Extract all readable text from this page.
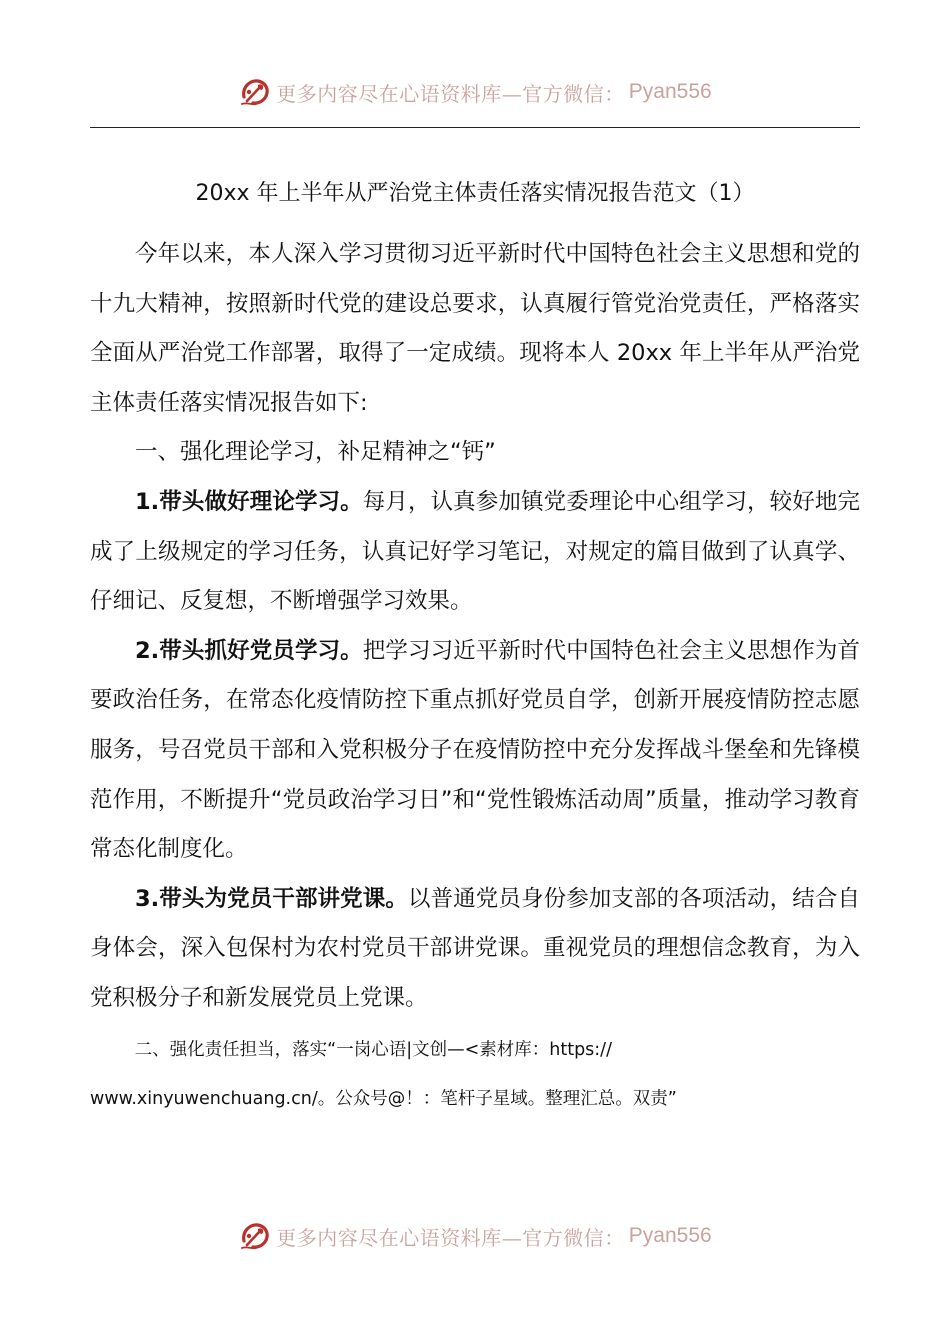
更多内容尽在心语资料库—官方微信： Pyan556
20xx 年上半年从严治党主体责任落实情况报告范文（1）

今年以来，本人深入学习贯彻习近平新时代中国特色社会主义思想和党的十九大精神，按照新时代党的建设总要求，认真履行管党治党责任，严格落实全面从严治党工作部署，取得了一定成绩。现将本人 20xx 年上半年从严治党主体责任落实情况报告如下:

一、强化理论学习，补足精神之“钙”

1.带头做好理论学习。每月，认真参加镇党委理论中心组学习，较好地完成了上级规定的学习任务，认真记好学习笔记，对规定的篇目做到了认真学、仔细记、反复想，不断增强学习效果。

2.带头抓好党员学习。把学习习近平新时代中国特色社会主义思想作为首要政治任务，在常态化疫情防控下重点抓好党员自学，创新开展疫情防控志愿服务，号召党员干部和入党积极分子在疫情防控中充分发挥战斗堡垒和先锋模范作用，不断提升“党员政治学习日”和“党性锻炼活动周”质量，推动学习教育常态化制度化。

3.带头为党员干部讲党课。以普通党员身份参加支部的各项活动，结合自身体会，深入包保村为农村党员干部讲党课。重视党员的理想信念教育，为入党积极分子和新发展党员上党课。

二、强化责任担当，落实“一岗心语|文创—<素材库：https://
www.xinyuwenchuang.cn/。公众号@！：笔杆子星域。整理汇总。双责”

更多内容尽在心语资料库—官方微信： Pyan556
